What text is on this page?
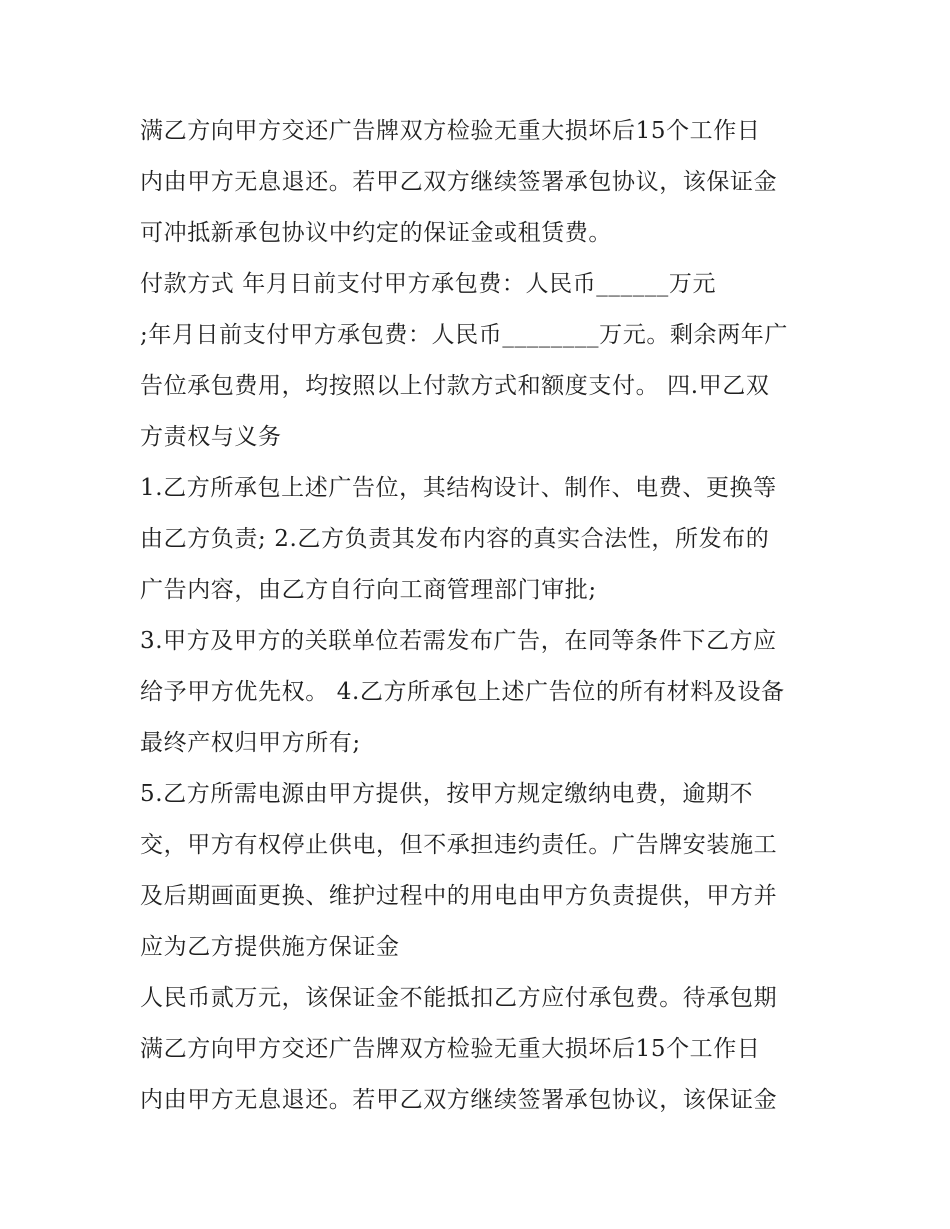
满乙方向甲方交还广告牌双方检验无重大损坏后15个工作日
内由甲方无息退还。若甲乙双方继续签署承包协议，该保证金
可冲抵新承包协议中约定的保证金或租赁费。
付款方式 年月日前支付甲方承包费：人民币______万元
;年月日前支付甲方承包费：人民币________万元。剩余两年广
告位承包费用，均按照以上付款方式和额度支付。 四.甲乙双
方责权与义务
1.乙方所承包上述广告位，其结构设计、制作、电费、更换等
由乙方负责; 2.乙方负责其发布内容的真实合法性，所发布的
广告内容，由乙方自行向工商管理部门审批;
3.甲方及甲方的关联单位若需发布广告，在同等条件下乙方应
给予甲方优先权。 4.乙方所承包上述广告位的所有材料及设备
最终产权归甲方所有;
5.乙方所需电源由甲方提供，按甲方规定缴纳电费，逾期不
交，甲方有权停止供电，但不承担违约责任。广告牌安装施工
及后期画面更换、维护过程中的用电由甲方负责提供，甲方并
应为乙方提供施方保证金
人民币贰万元，该保证金不能抵扣乙方应付承包费。待承包期
满乙方向甲方交还广告牌双方检验无重大损坏后15个工作日
内由甲方无息退还。若甲乙双方继续签署承包协议，该保证金
